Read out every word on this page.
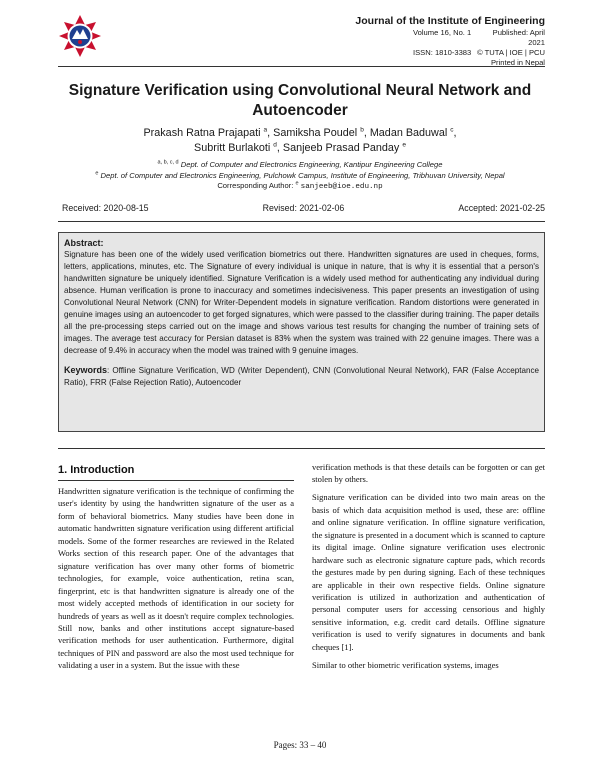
Journal of the Institute of Engineering
Volume 16, No. 1	Published: April 2021
ISSN: 1810-3383 © TUTA | IOE | PCU
Printed in Nepal
Signature Verification using Convolutional Neural Network and Autoencoder
Prakash Ratna Prajapati $^a$, Samiksha Poudel $^b$, Madan Baduwal $^c$,
Subritt Burlakoti $^d$, Sanjeeb Prasad Panday $^e$
$^{a, b, c, d}$ Dept. of Computer and Electronics Engineering, Kantipur Engineering College
$^e$ Dept. of Computer and Electronics Engineering, Pulchowk Campus, Institute of Engineering, Tribhuvan University, Nepal
Corresponding Author: $^e$ sanjeeb@ioe.edu.np
Received: 2020-08-15	Revised: 2021-02-06	Accepted: 2021-02-25
Abstract:
Signature has been one of the widely used verification biometrics out there. Handwritten signatures are used in cheques, forms, letters, applications, minutes, etc. The Signature of every individual is unique in nature, that is why it is essential that a person's handwritten signature be uniquely identified. Signature Verification is a widely used method for authenticating any individual during absence. Human verification is prone to inaccuracy and sometimes indecisiveness. This paper presents an investigation of using Convolutional Neural Network (CNN) for Writer-Dependent models in signature verification. Random distortions were generated in genuine images using an autoencoder to get forged signatures, which were passed to the classifier during training. The paper details all the pre-processing steps carried out on the image and shows various test results for changing the number of training sets of images. The average test accuracy for Persian dataset is 83% when the system was trained with 22 genuine images. There was a decrease of 9.4% in accuracy when the model was trained with 9 genuine images.
Keywords: Offline Signature Verification, WD (Writer Dependent), CNN (Convolutional Neural Network), FAR (False Acceptance Ratio), FRR (False Rejection Ratio), Autoencoder
1. Introduction

Handwritten signature verification is the technique of confirming the user's identity by using the handwritten signature of the user as a form of behavioral biometrics. Many studies have been done in automatic handwritten signature verification using different artificial models. Some of the former researches are reviewed in the Related Works section of this research paper. One of the advantages that signature verification has over many other forms of biometric technologies, for example, voice authentication, retina scan, fingerprint, etc is that handwritten signature is already one of the most widely accepted methods of identification in our society for hundreds of years as well as it doesn't require complex technologies. Still now, banks and other institutions accept signature-based verification methods for user authentication. Furthermore, digital techniques of PIN and password are also the most used technique for validating a user in a system. But the issue with these

verification methods is that these details can be forgotten or can get stolen by others.

Signature verification can be divided into two main areas on the basis of which data acquisition method is used, these are: offline and online signature verification. In offline signature verification, the signature is presented in a document which is scanned to capture its digital image. Online signature verification uses electronic hardware such as electronic signature capture pads, which records the gestures made by pen during signing. Each of these techniques are applicable in their own respective fields. Online signature verification is utilized in authorization and authentication of personal computer users for accessing censorious and highly sensitive information, e.g. credit card details. Offline signature verification is used to verify signatures in documents and bank cheques [1].

Similar to other biometric verification systems, images

Pages: 33 – 40
